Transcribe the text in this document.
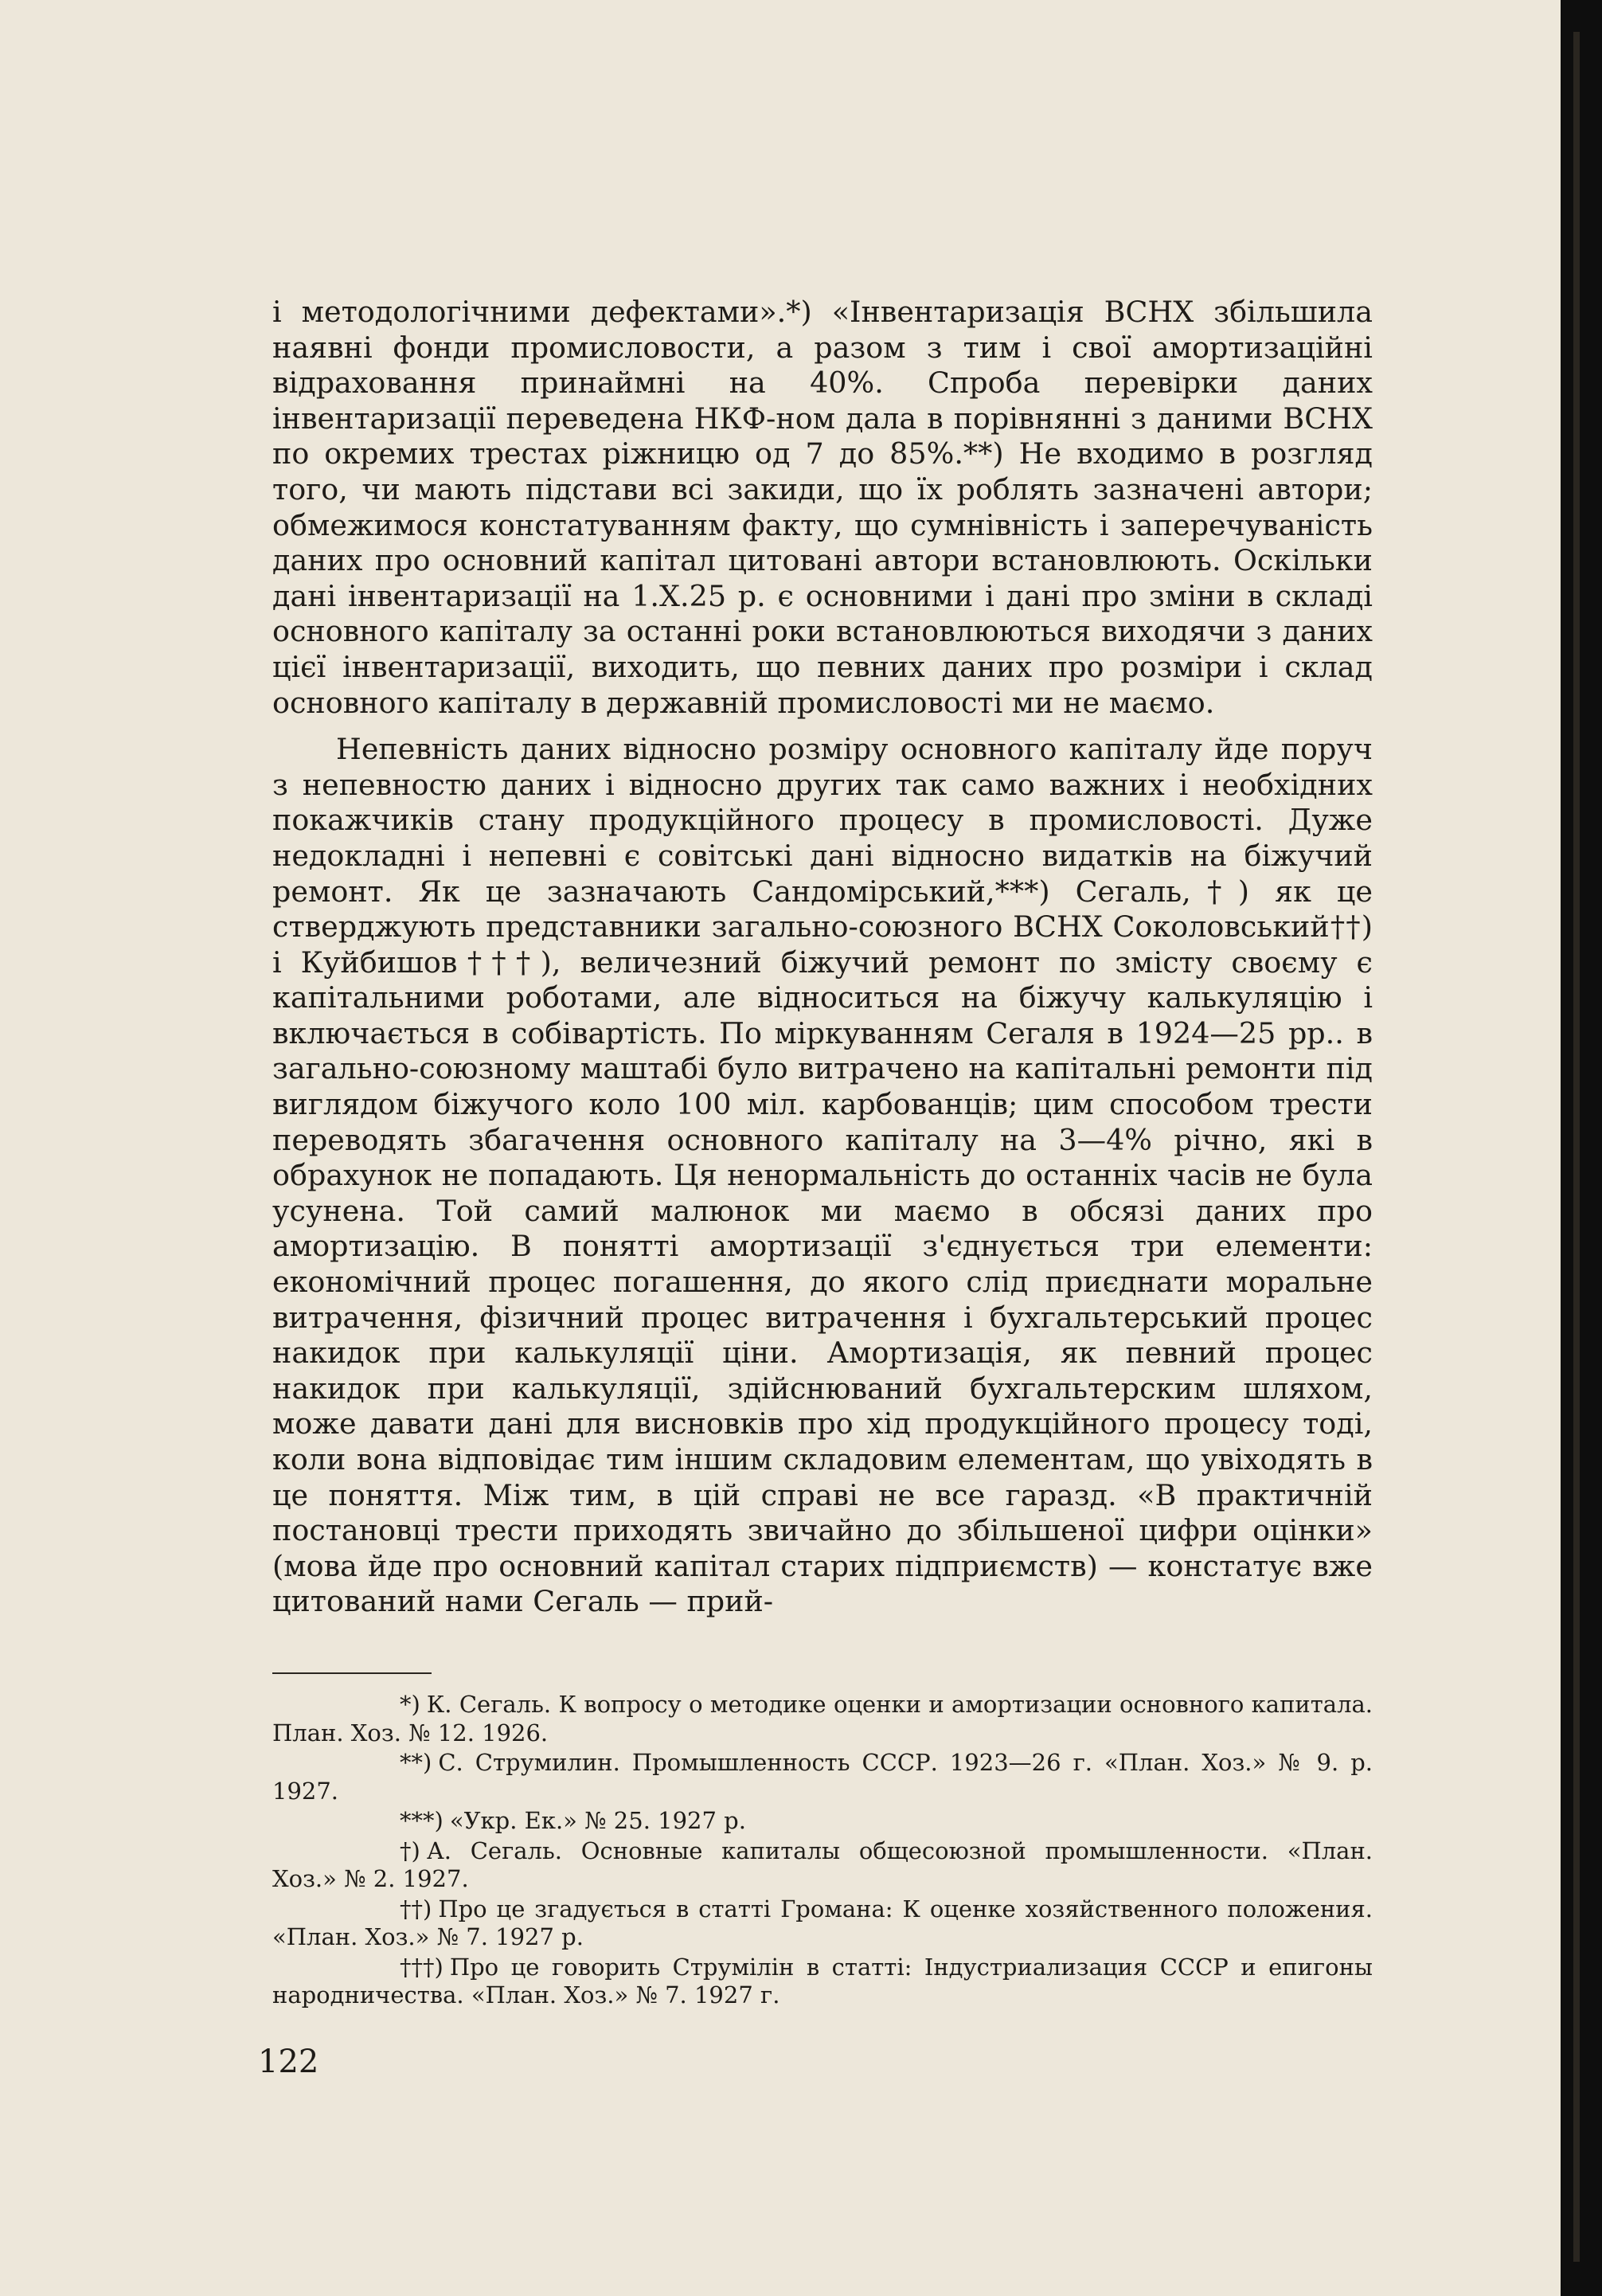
і методологічними дефектами».*) «Інвентаризація ВСНХ збільшила наявні фонди промисловости, а разом з тим і свої амортизаційні відраховання принаймні на 40%. Спроба перевірки даних інвентаризації переведена НКФ-ном дала в порівнянні з даними ВСНХ по окремих трестах ріжницю од 7 до 85%.**) Не входимо в розгляд того, чи мають підстави всі закиди, що їх роблять зазначені автори; обмежимося констатуванням факту, що сумнівність і заперечуваність даних про основний капітал цитовані автори встановлюють. Оскільки дані інвентаризації на 1.Х.25 р. є основними і дані про зміни в складі основного капіталу за останні роки встановлюються виходячи з даних цієї інвентаризації, виходить, що певних даних про розміри і склад основного капіталу в державній промисловості ми не маємо.

Непевність даних відносно розміру основного капіталу йде поруч з непевностю даних і відносно других так само важних і необхідних покажчиків стану продукційного процесу в промисловості. Дуже недокладні і непевні є совітські дані відносно видатків на біжучий ремонт. Як це зазначають Сандомірський,***) Сегаль,†) як це стверджують представники загально-союзного ВСНХ Соколовський††) і Куйбишов†††), величезний біжучий ремонт по змісту своєму є капітальними роботами, але відноситься на біжучу калькуляцію і включається в собівартість. По міркуванням Сегаля в 1924—25 рр.. в загально-союзному маштабі було витрачено на капітальні ремонти під виглядом біжучого коло 100 міл. карбованців; цим способом трести переводять збагачення основного капіталу на 3—4% річно, які в обрахунок не попадають. Ця ненормальність до останніх часів не була усунена. Той самий малюнок ми маємо в обсязі даних про амортизацію. В понятті амортизації з'єднується три елементи: економічний процес погашення, до якого слід приєднати моральне витрачення, фізичний процес витрачення і бухгальтерський процес накидок при калькуляції ціни. Амортизація, як певний процес накидок при калькуляції, здійснюваний бухгальтерским шляхом, може давати дані для висновків про хід продукційного процесу тоді, коли вона відповідає тим іншим складовим елементам, що увіходять в це поняття. Між тим, в цій справі не все гаразд. «В практичній постановці трести приходять звичайно до збільшеної цифри оцінки» (мова йде про основний капітал старих підприємств) — констатує вже цитований нами Сегаль — прий-

*) К. Сегаль. К вопросу о методике оценки и амортизации основного капитала. План. Хоз. № 12. 1926.

**) С. Струмилин. Промышленность СССР. 1923—26 г. «План. Хоз.» № 9. р. 1927.

***) «Укр. Ек.» № 25. 1927 р.

†) А. Сегаль. Основные капиталы общесоюзной промышленности. «План. Хоз.» № 2. 1927.

††) Про це згадується в статті Громана: К оценке хозяйственного положения. «План. Хоз.» № 7. 1927 р.

†††) Про це говорить Струмілін в статті: Індустриализация СССР и епигоны народничества. «План. Хоз.» № 7. 1927 г.

122
